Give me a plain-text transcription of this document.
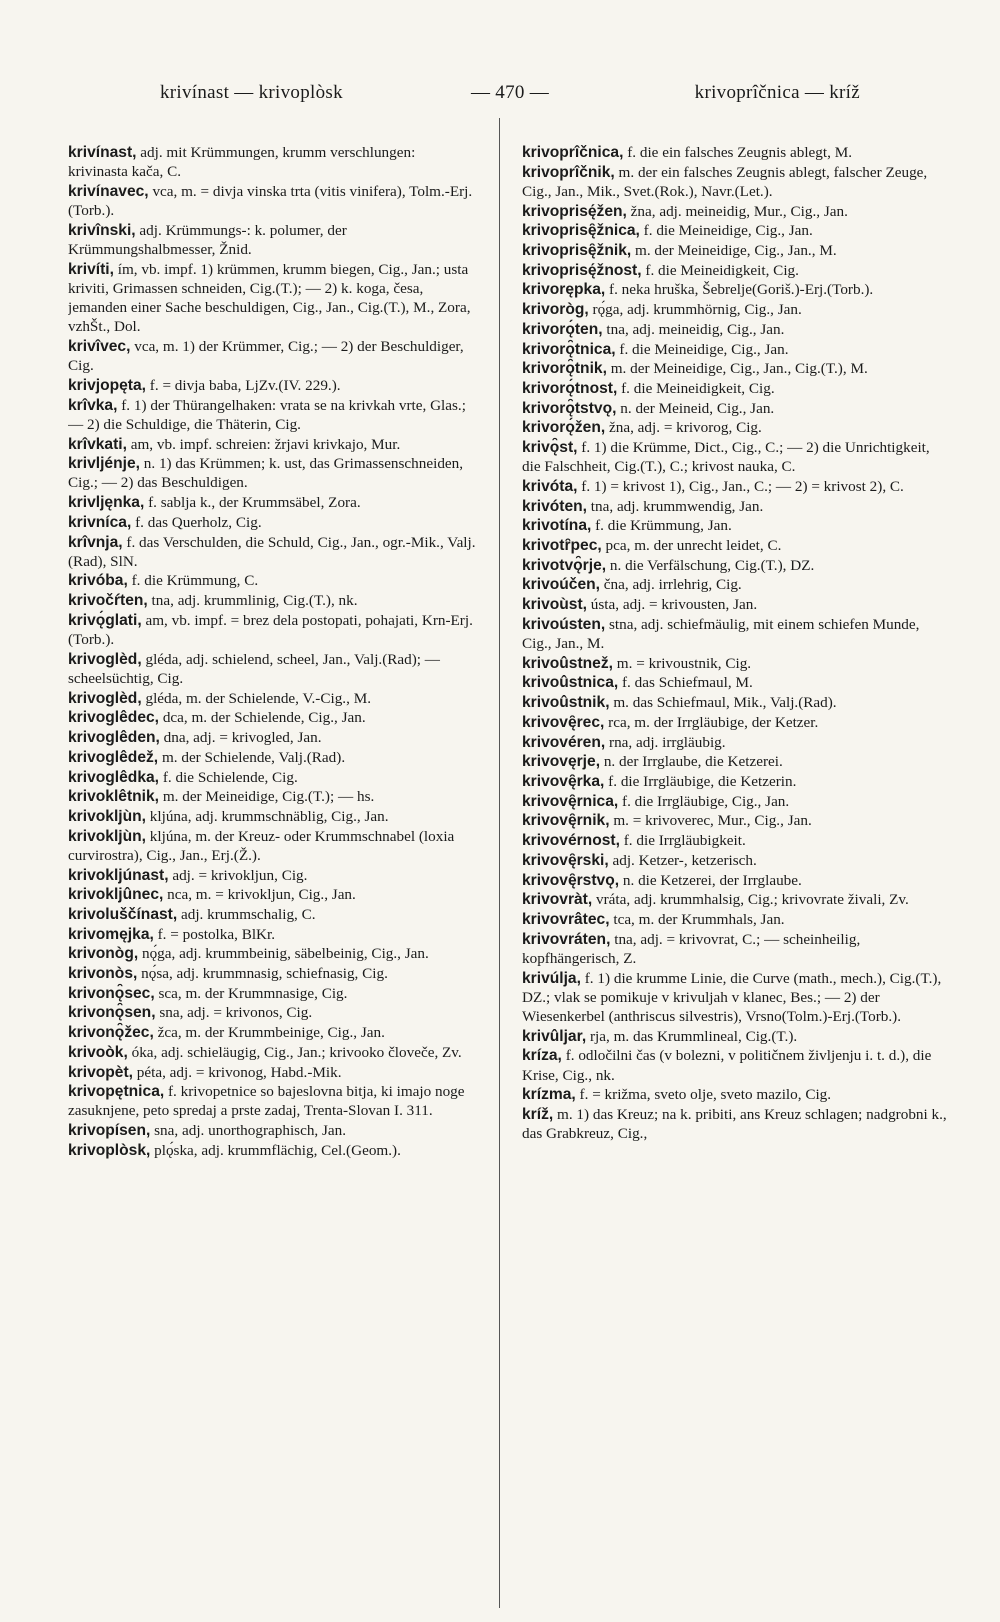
krivínast — krivoplòsk	— 470 —	krivoprîčnica — kríž
krivínast, adj. mit Krümmungen, krumm verschlungen: krivinasta kača, C.
krivínavec, vca, m. = divja vinska trta (vitis vinifera), Tolm.-Erj.(Torb.).
krivînski, adj. Krümmungs-: k. polumer, der Krümmungshalbmesser, Žnid.
krivíti, ím, vb. impf. 1) krümmen, krumm biegen, Cig., Jan.; usta kriviti, Grimassen schneiden, Cig.(T.); — 2) k. koga, česa, jemanden einer Sache beschuldigen, Cig., Jan., Cig.(T.), M., Zora, vzhŠt., Dol.
krivîvec, vca, m. 1) der Krümmer, Cig.; — 2) der Beschuldiger, Cig.
krivjopęta, f. = divja baba, LjZv.(IV. 229.).
krîvka, f. 1) der Thürangelhaken: vrata se na krivkah vrte, Glas.; — 2) die Schuldige, die Thäterin, Cig.
krîvkati, am, vb. impf. schreien: žrjavi krivkajo, Mur.
krivljénje, n. 1) das Krümmen; k. ust, das Grimassenschneiden, Cig.; — 2) das Beschuldigen.
krivljęnka, f. sablja k., der Krummsäbel, Zora.
krivníca, f. das Querholz, Cig.
krîvnja, f. das Verschulden, die Schuld, Cig., Jan., ogr.-Mik., Valj.(Rad), SlN.
krivóba, f. die Krümmung, C.
krivočŕten, tna, adj. krummlinig, Cig.(T.), nk.
krivǫ́glati, am, vb. impf. = brez dela postopati, pohajati, Krn-Erj.(Torb.).
krivoglèd, gléda, adj. schielend, scheel, Jan., Valj.(Rad); — scheelsüchtig, Cig.
krivoglèd, gléda, m. der Schielende, V.-Cig., M.
krivoglêdec, dca, m. der Schielende, Cig., Jan.
krivoglêden, dna, adj. = krivogled, Jan.
krivoglêdež, m. der Schielende, Valj.(Rad).
krivoglêdka, f. die Schielende, Cig.
krivoklêtnik, m. der Meineidige, Cig.(T.); — hs.
krivoklјùn, kljúna, adj. krummschnäblig, Cig., Jan.
krivoklјùn, kljúna, m. der Kreuz- oder Krummschnabel (loxia curvirostra), Cig., Jan., Erj.(Ž.).
krivokljúnast, adj. = krivokljun, Cig.
krivokljûnec, nca, m. = krivokljun, Cig., Jan.
krivoluščínast, adj. krummschalig, C.
krivomęjka, f. = postolka, BlKr.
krivonòg, nǫ́ga, adj. krummbeinig, säbelbeinig, Cig., Jan.
krivonòs, nǫ́sa, adj. krummnasig, schiefnasig, Cig.
krivonǫ̑sec, sca, m. der Krummnasige, Cig.
krivonǫ̑sen, sna, adj. = krivonos, Cig.
krivonǫ̑žec, žca, m. der Krummbeinige, Cig., Jan.
krivoòk, óka, adj. schieläugig, Cig., Jan.; krivooko človeče, Zv.
krivopèt, péta, adj. = krivonog, Habd.-Mik.
krivopętnica, f. krivopetnice so bajeslovna bitja, ki imajo noge zasuknjene, peto spredaj a prste zadaj, Trenta-Slovan I. 311.
krivopísen, sna, adj. unorthographisch, Jan.
krivoplòsk, plǫ́ska, adj. krummflächig, Cel.(Geom.).
krivoprîčnica, f. die ein falsches Zeugnis ablegt, M.
krivoprîčnik, m. der ein falsches Zeugnis ablegt, falscher Zeuge, Cig., Jan., Mik., Svet.(Rok.), Navr.(Let.).
krivoprisę́žen, žna, adj. meineidig, Mur., Cig., Jan.
krivoprisę̑žnica, f. die Meineidige, Cig., Jan.
krivoprisę̑žnik, m. der Meineidige, Cig., Jan., M.
krivoprisę́žnost, f. die Meineidigkeit, Cig.
krivorępka, f. neka hruška, Šebrelje(Goriš.)-Erj.(Torb.).
krivoròg, rǫ́ga, adj. krummhörnig, Cig., Jan.
krivorǫ́ten, tna, adj. meineidig, Cig., Jan.
krivorǫ̑tnica, f. die Meineidige, Cig., Jan.
krivorǫ̑tnik, m. der Meineidige, Cig., Jan., Cig.(T.), M.
krivorǫ́tnost, f. die Meineidigkeit, Cig.
krivorǫ̑tstvǫ, n. der Meineid, Cig., Jan.
krivorǫ́žen, žna, adj. = krivorog, Cig.
krivǫ̑st, f. 1) die Krümme, Dict., Cig., C.; — 2) die Unrichtigkeit, die Falschheit, Cig.(T.), C.; krivost nauka, C.
krivóta, f. 1) = krivost 1), Cig., Jan., C.; — 2) = krivost 2), C.
krivóten, tna, adj. krummwendig, Jan.
krivotína, f. die Krümmung, Jan.
krivotȓpec, pca, m. der unrecht leidet, C.
krivotvǫ̑rje, n. die Verfälschung, Cig.(T.), DZ.
krivoúčen, čna, adj. irrlehrig, Cig.
krivoùst, ústa, adj. = krivousten, Jan.
krivoústen, stna, adj. schiefmäulig, mit einem schiefen Munde, Cig., Jan., M.
krivoûstnež, m. = krivoustnik, Cig.
krivoûstnica, f. das Schiefmaul, M.
krivoûstnik, m. das Schiefmaul, Mik., Valj.(Rad).
krivovę̑rec, rca, m. der Irrgläubige, der Ketzer.
krivovéren, rna, adj. irrgläubig.
krivovęrje, n. der Irrglaube, die Ketzerei.
krivovę̑rka, f. die Irrgläubige, die Ketzerin.
krivovę̑rnica, f. die Irrgläubige, Cig., Jan.
krivovę̑rnik, m. = krivoverec, Mur., Cig., Jan.
krivovérnost, f. die Irrgläubigkeit.
krivovę̑rski, adj. Ketzer-, ketzerisch.
krivovę̑rstvǫ, n. die Ketzerei, der Irrglaube.
krivovràt, vráta, adj. krummhalsig, Cig.; krivovrate živali, Zv.
krivovrâtec, tca, m. der Krummhals, Jan.
krivovráten, tna, adj. = krivovrat, C.; — scheinheilig, kopfhängerisch, Z.
krivúlja, f. 1) die krumme Linie, die Curve (math., mech.), Cig.(T.), DZ.; vlak se pomikuje v krivuljah v klanec, Bes.; — 2) der Wiesenkerbel (anthriscus silvestris), Vrsno(Tolm.)-Erj.(Torb.).
krivûljar, rja, m. das Krummlineal, Cig.(T.).
kríza, f. odločilni čas (v bolezni, v političnem življenju i. t. d.), die Krise, Cig., nk.
krízma, f. = križma, sveto olje, sveto mazilo, Cig.
kríž, m. 1) das Kreuz; na k. pribiti, ans Kreuz schlagen; nadgrobni k., das Grabkreuz, Cig.,
